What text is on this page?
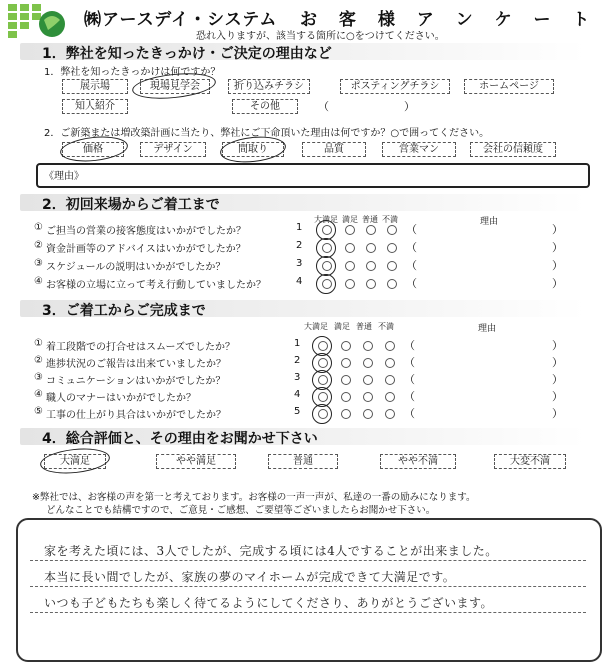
㈱アースデイ・システム お 客 様 ア ン ケ ー ト
恐れ入りますが、該当する箇所に○をつけてください。
1．弊社を知ったきっかけ・ご決定の理由など
1．弊社を知ったきっかけは何ですか？
展示場	現場見学会	折り込みチラシ	ポスティングチラシ	ホームページ
知人紹介	その他	（	）
2．ご新築または増改築計画に当たり、弊社にご下命頂いた理由は何ですか？○で囲ってください。
価格	デザイン	間取り	品質	営業マン	会社の信頼度
《理由》
2．初回来場からご着工まで
大満足 満足 普通 不満	理由
① ご担当の営業の接客態度はいかがでしたか？	1	（	）
② 資金計画等のアドバイスはいかがでしたか？	2	（	）
③ スケジュールの説明はいかがでしたか？	3	（	）
④ お客様の立場に立って考え行動していましたか？	4	（	）
3．ご着工からご完成まで
大満足 満足 普通 不満	理由
① 着工段階での打合せはスムーズでしたか？	1	（	）
② 進捗状況のご報告は出来ていましたか？	2	（	）
③ コミュニケーションはいかがでしたか？	3	（	）
④ 職人のマナーはいかがでしたか？	4	（	）
⑤ 工事の仕上がり具合はいかがでしたか？	5	（	）
4．総合評価と、その理由をお聞かせ下さい
大満足	やや満足	普通	やや不満	大変不満
※弊社では、お客様の声を第一と考えております。お客様の一声一声が、私達の一番の励みになります。
どんなことでも結構ですので、ご意見・ご感想、ご要望等ございましたらお聞かせ下さい。
家を考えた頃には、3人でしたが、完成する頃には4人ですることが出来ました。
本当に長い間でしたが、家族の夢のマイホームが完成できて大満足です。
いつも子どもたちも楽しく待てるようにしてくださり、ありがとうございます。
